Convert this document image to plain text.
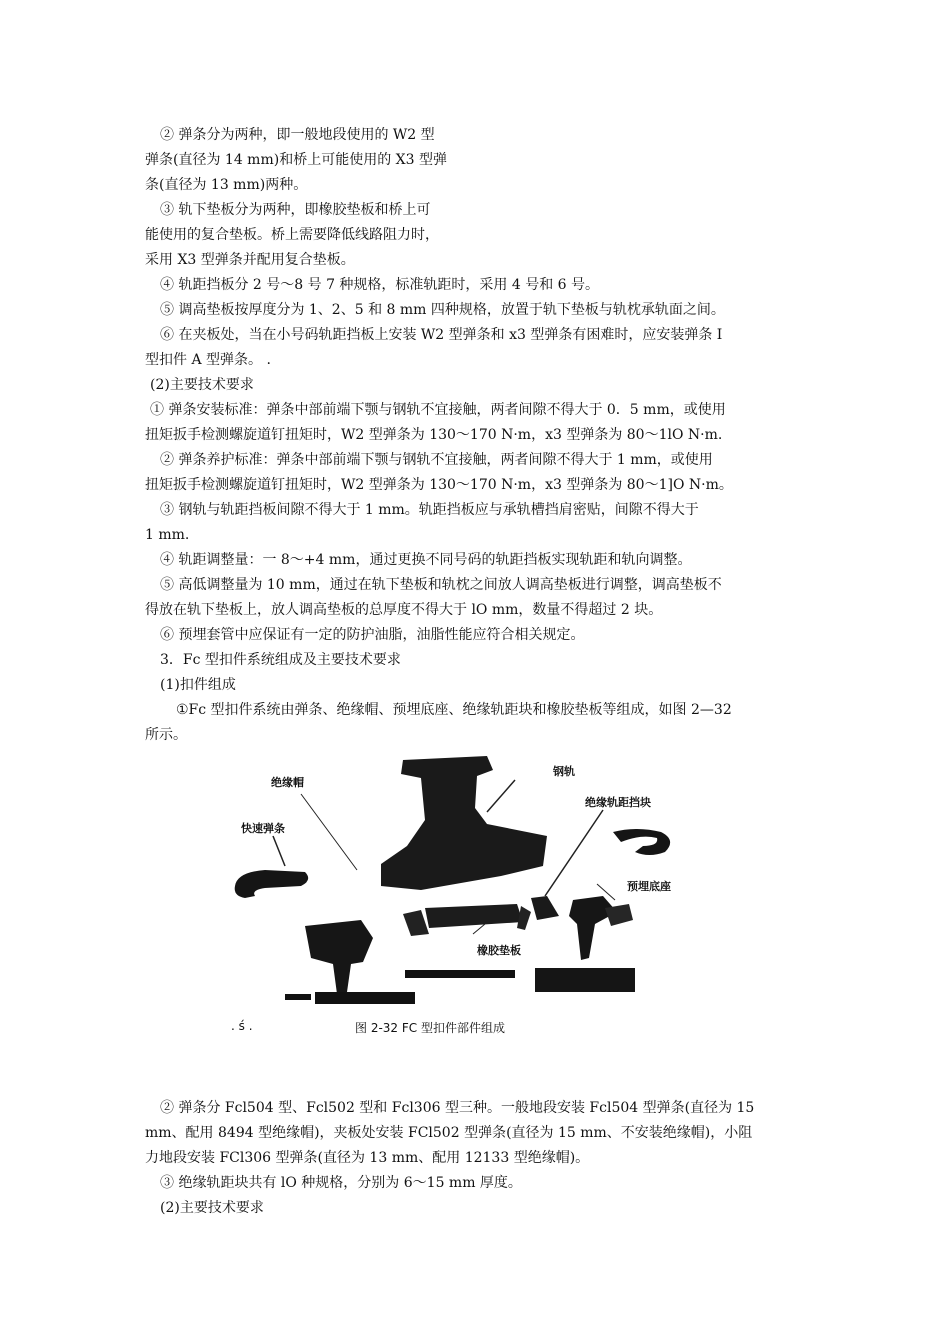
② 弹条分为两种，即一般地段使用的 W2 型

弹条(直径为 14 mm)和桥上可能使用的 X3 型弹

条(直径为 13 mm)两种。

③ 轨下垫板分为两种，即橡胶垫板和桥上可

能使用的复合垫板。桥上需要降低线路阻力时，

采用 X3 型弹条并配用复合垫板。

④ 轨距挡板分 2 号～8 号 7 种规格，标准轨距时，采用 4 号和 6 号。

⑤ 调高垫板按厚度分为 1、2、5 和 8 mm 四种规格，放置于轨下垫板与轨枕承轨面之间。

⑥ 在夹板处，当在小号码轨距挡板上安装 W2 型弹条和 x3 型弹条有困难时，应安装弹条 I

型扣件 A 型弹条。 .

(2)主要技术要求

① 弹条安装标准：弹条中部前端下颚与钢轨不宜接触，两者间隙不得大于 0．5 mm，或使用

扭矩扳手检测螺旋道钉扭矩时，W2 型弹条为 130～170 N·m，x3 型弹条为 80～1lO N·m.

② 弹条养护标准：弹条中部前端下颚与钢轨不宜接触，两者间隙不得大于 1 mm，或使用

扭矩扳手检测螺旋道钉扭矩时，W2 型弹条为 130～170 N·m，x3 型弹条为 80～1]O N·m。

③ 钢轨与轨距挡板间隙不得大于 1 mm。轨距挡板应与承轨槽挡肩密贴，间隙不得大于

1 mm.

④ 轨距调整量：一 8～+4 mm，通过更换不同号码的轨距挡板实现轨距和轨向调整。

⑤ 高低调整量为 10 mm，通过在轨下垫板和轨枕之间放人调高垫板进行调整，调高垫板不

得放在轨下垫板上，放人调高垫板的总厚度不得大于 lO mm，数量不得超过 2 块。

⑥ 预埋套管中应保证有一定的防护油脂，油脂性能应符合相关规定。

3．Fc 型扣件系统组成及主要技术要求

(1)扣件组成

①Fc 型扣件系统由弹条、绝缘帽、预埋底座、绝缘轨距块和橡胶垫板等组成，如图 2—32

所示。

绝缘帽
钢轨
绝缘轨距挡块
快速弹条
预埋底座
橡胶垫板
. ś .	图 2-32 FC 型扣件部件组成

② 弹条分 Fcl504 型、Fcl502 型和 Fcl306 型三种。一般地段安装 Fcl504 型弹条(直径为 15

mm、配用 8494 型绝缘帽)，夹板处安装 FCl502 型弹条(直径为 15 mm、不安装绝缘帽)，小阻

力地段安装 FCl306 型弹条(直径为 13 mm、配用 12133 型绝缘帽)。

③ 绝缘轨距块共有 lO 种规格，分别为 6～15 mm 厚度。

(2)主要技术要求
